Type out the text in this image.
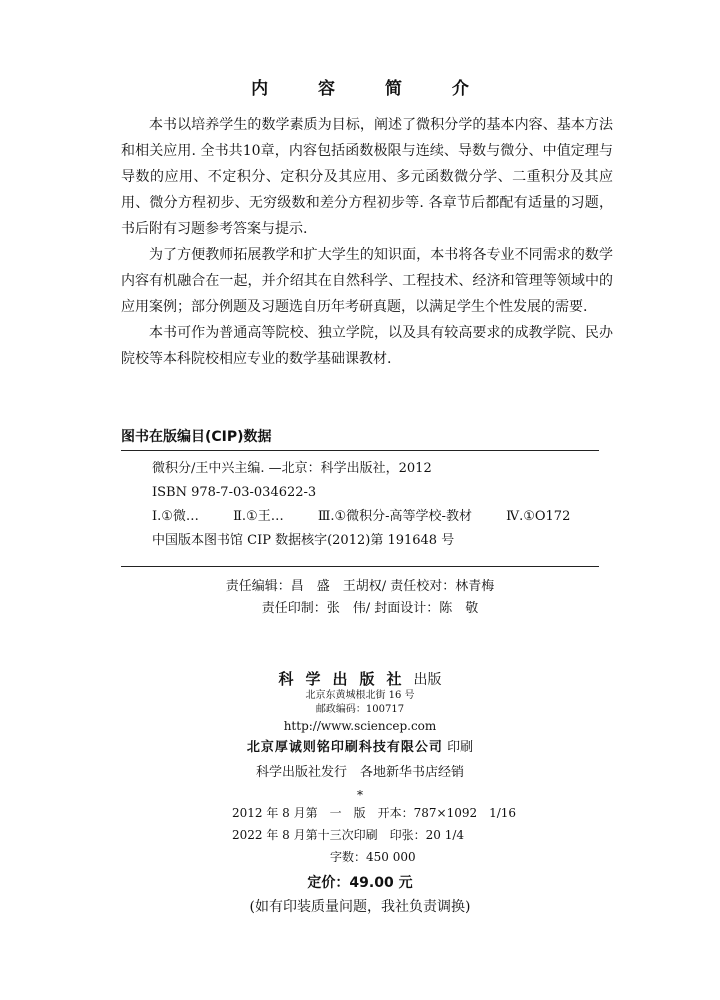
内 容 简 介

本书以培养学生的数学素质为目标，阐述了微积分学的基本内容、基本方法和相关应用. 全书共10章，内容包括函数极限与连续、导数与微分、中值定理与导数的应用、不定积分、定积分及其应用、多元函数微分学、二重积分及其应用、微分方程初步、无穷级数和差分方程初步等. 各章节后都配有适量的习题，书后附有习题参考答案与提示.

为了方便教师拓展教学和扩大学生的知识面，本书将各专业不同需求的数学内容有机融合在一起，并介绍其在自然科学、工程技术、经济和管理等领域中的应用案例；部分例题及习题选自历年考研真题，以满足学生个性发展的需要.

本书可作为普通高等院校、独立学院，以及具有较高要求的成教学院、民办院校等本科院校相应专业的数学基础课教材.

图书在版编目(CIP)数据
微积分/王中兴主编. —北京：科学出版社，2012
ISBN 978-7-03-034622-3
Ⅰ.①微…	Ⅱ.①王…	Ⅲ.①微积分-高等学校-教材	Ⅳ.①O172
中国版本图书馆 CIP 数据核字(2012)第 191648 号
责任编辑：昌　盛　王胡权/ 责任校对：林青梅
责任印制：张　伟/ 封面设计：陈　敬
科学出版社出版
北京东黄城根北街 16 号
邮政编码：100717
http://www.sciencep.com
北京厚诚则铭印刷科技有限公司 印刷
科学出版社发行　各地新华书店经销
*
2012 年 8 月第　一　版　开本：787×1092　1/16
2022 年 8 月第十三次印刷　印张：20 1/4
字数：450 000
定价：49.00 元
(如有印装质量问题，我社负责调换)
